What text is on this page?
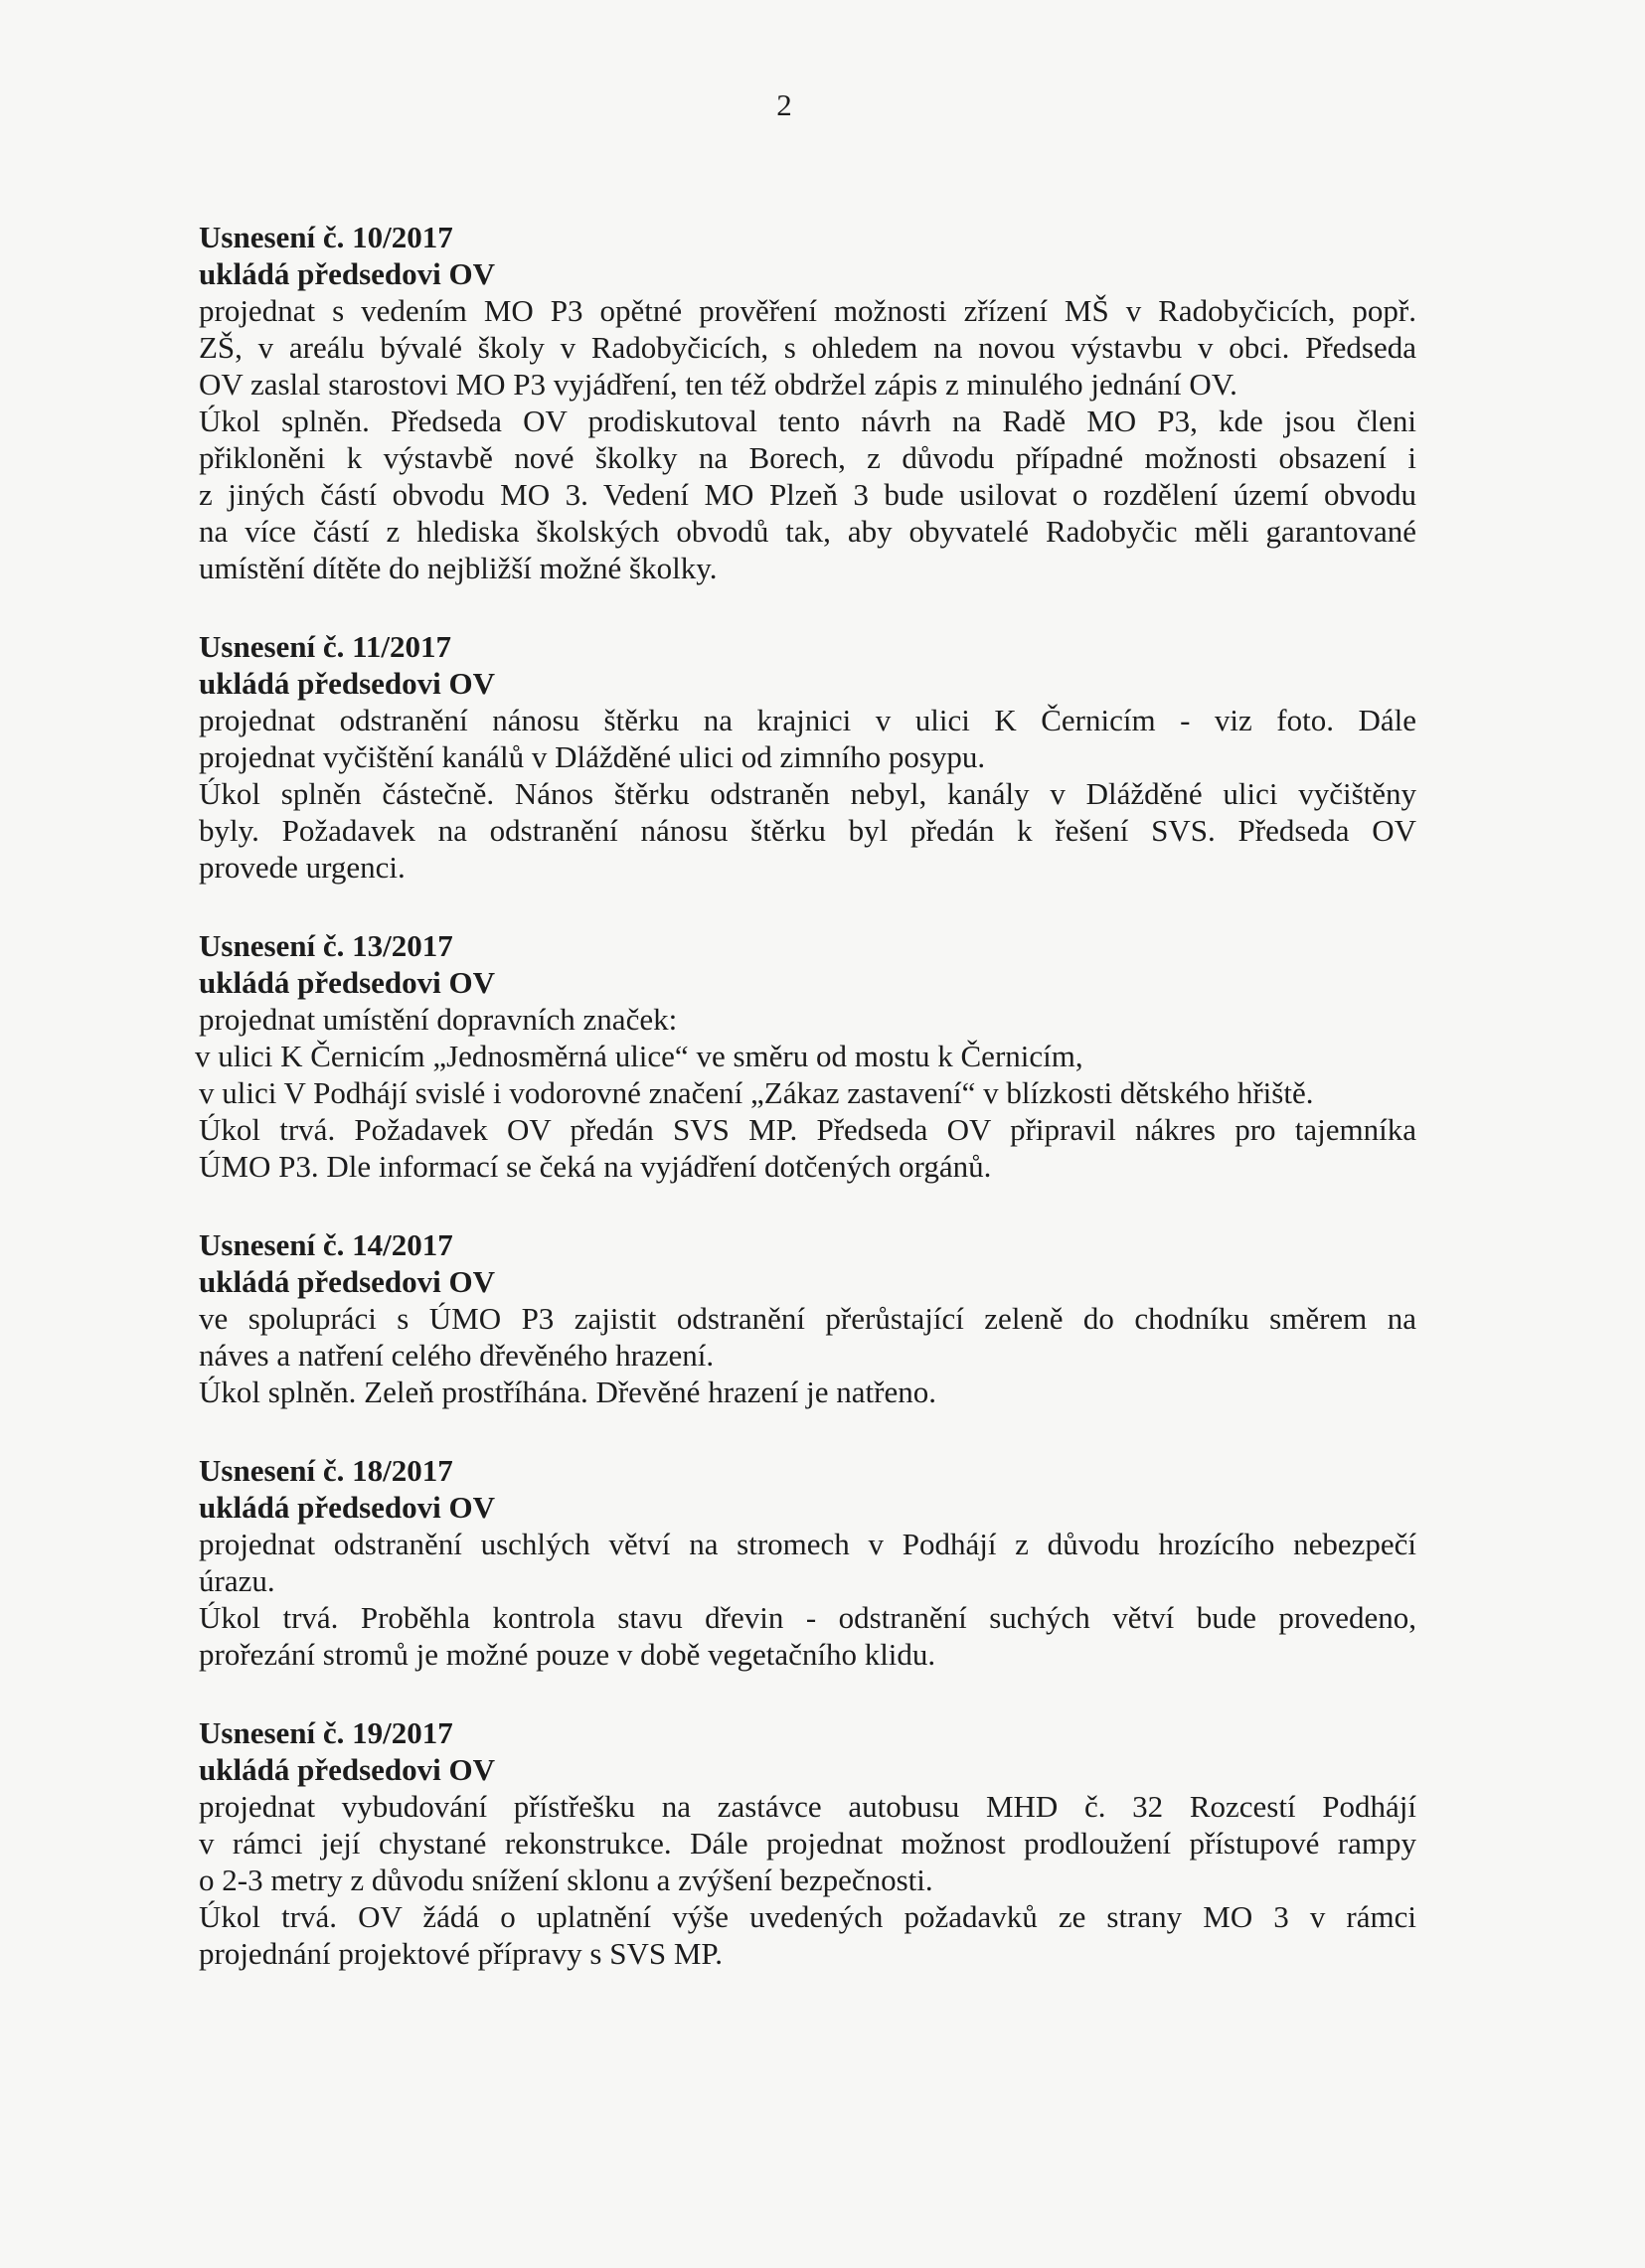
2

Usnesení č. 10/2017

ukládá předsedovi OV

projednat s vedením MO P3 opětné prověření možnosti zřízení MŠ v Radobyčicích, popř.

ZŠ, v areálu bývalé školy v Radobyčicích, s ohledem na novou výstavbu v obci. Předseda

OV zaslal starostovi MO P3 vyjádření, ten též obdržel zápis z minulého jednání OV.

Úkol splněn. Předseda OV prodiskutoval tento návrh na Radě MO P3, kde jsou členi

přikloněni k výstavbě nové školky na Borech, z důvodu případné možnosti obsazení i

z jiných částí obvodu MO 3. Vedení MO Plzeň 3 bude usilovat o rozdělení území obvodu

na více částí z hlediska školských obvodů tak, aby obyvatelé Radobyčic měli garantované

umístění dítěte do nejbližší možné školky.

Usnesení č. 11/2017

ukládá předsedovi OV

projednat odstranění nánosu štěrku na krajnici v ulici K Černicím - viz foto. Dále

projednat vyčištění kanálů v Dlážděné ulici od zimního posypu.

Úkol splněn částečně. Nános štěrku odstraněn nebyl, kanály v Dlážděné ulici vyčištěny

byly. Požadavek na odstranění nánosu štěrku byl předán k řešení SVS. Předseda OV

provede urgenci.

Usnesení č. 13/2017

ukládá předsedovi OV

projednat umístění dopravních značek:

v ulici K Černicím „Jednosměrná ulice“ ve směru od mostu k Černicím,

v ulici V Podhájí svislé i vodorovné značení „Zákaz zastavení“ v blízkosti dětského hřiště.

Úkol trvá. Požadavek OV předán SVS MP. Předseda OV připravil nákres pro tajemníka

ÚMO P3. Dle informací se čeká na vyjádření dotčených orgánů.

Usnesení č. 14/2017

ukládá předsedovi OV

ve spolupráci s ÚMO P3 zajistit odstranění přerůstající zeleně do chodníku směrem na

náves a natření celého dřevěného hrazení.

Úkol splněn. Zeleň prostříhána. Dřevěné hrazení je natřeno.

Usnesení č. 18/2017

ukládá předsedovi OV

projednat odstranění uschlých větví na stromech v Podhájí z důvodu hrozícího nebezpečí

úrazu.

Úkol trvá. Proběhla kontrola stavu dřevin - odstranění suchých větví bude provedeno,

prořezání stromů je možné pouze v době vegetačního klidu.

Usnesení č. 19/2017

ukládá předsedovi OV

projednat vybudování přístřešku na zastávce autobusu MHD č. 32 Rozcestí Podhájí

v rámci její chystané rekonstrukce. Dále projednat možnost prodloužení přístupové rampy

o 2-3 metry z důvodu snížení sklonu a zvýšení bezpečnosti.

Úkol trvá. OV žádá o uplatnění výše uvedených požadavků ze strany MO 3 v rámci

projednání projektové přípravy s SVS MP.
